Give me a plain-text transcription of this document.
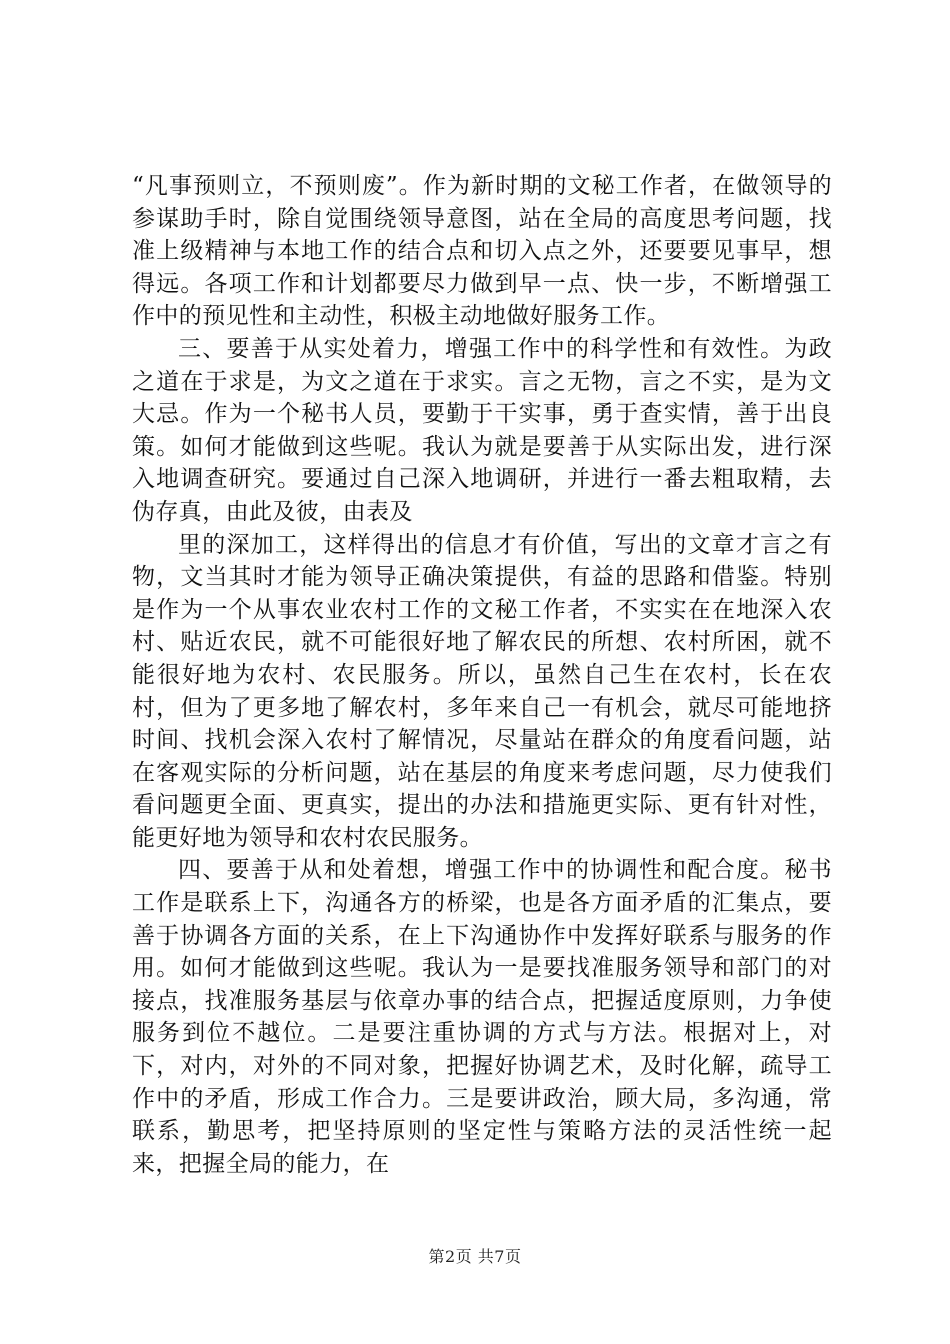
“凡事预则立，不预则废”。作为新时期的文秘工作者，在做领导的参谋助手时，除自觉围绕领导意图，站在全局的高度思考问题，找准上级精神与本地工作的结合点和切入点之外，还要要见事早，想得远。各项工作和计划都要尽力做到早一点、快一步，不断增强工作中的预见性和主动性，积极主动地做好服务工作。

三、要善于从实处着力，增强工作中的科学性和有效性。为政之道在于求是，为文之道在于求实。言之无物，言之不实，是为文大忌。作为一个秘书人员，要勤于干实事，勇于查实情，善于出良策。如何才能做到这些呢。我认为就是要善于从实际出发，进行深入地调查研究。要通过自己深入地调研，并进行一番去粗取精，去伪存真，由此及彼，由表及

里的深加工，这样得出的信息才有价值，写出的文章才言之有物，文当其时才能为领导正确决策提供，有益的思路和借鉴。特别是作为一个从事农业农村工作的文秘工作者，不实实在在地深入农村、贴近农民，就不可能很好地了解农民的所想、农村所困，就不能很好地为农村、农民服务。所以，虽然自己生在农村，长在农村，但为了更多地了解农村，多年来自己一有机会，就尽可能地挤时间、找机会深入农村了解情况，尽量站在群众的角度看问题，站在客观实际的分析问题，站在基层的角度来考虑问题，尽力使我们看问题更全面、更真实，提出的办法和措施更实际、更有针对性，能更好地为领导和农村农民服务。

四、要善于从和处着想，增强工作中的协调性和配合度。秘书工作是联系上下，沟通各方的桥梁，也是各方面矛盾的汇集点，要善于协调各方面的关系，在上下沟通协作中发挥好联系与服务的作用。如何才能做到这些呢。我认为一是要找准服务领导和部门的对接点，找准服务基层与依章办事的结合点，把握适度原则，力争使服务到位不越位。二是要注重协调的方式与方法。根据对上，对下，对内，对外的不同对象，把握好协调艺术，及时化解，疏导工作中的矛盾，形成工作合力。三是要讲政治，顾大局，多沟通，常联系，勤思考，把坚持原则的坚定性与策略方法的灵活性统一起来，把握全局的能力，在

第2页 共7页
